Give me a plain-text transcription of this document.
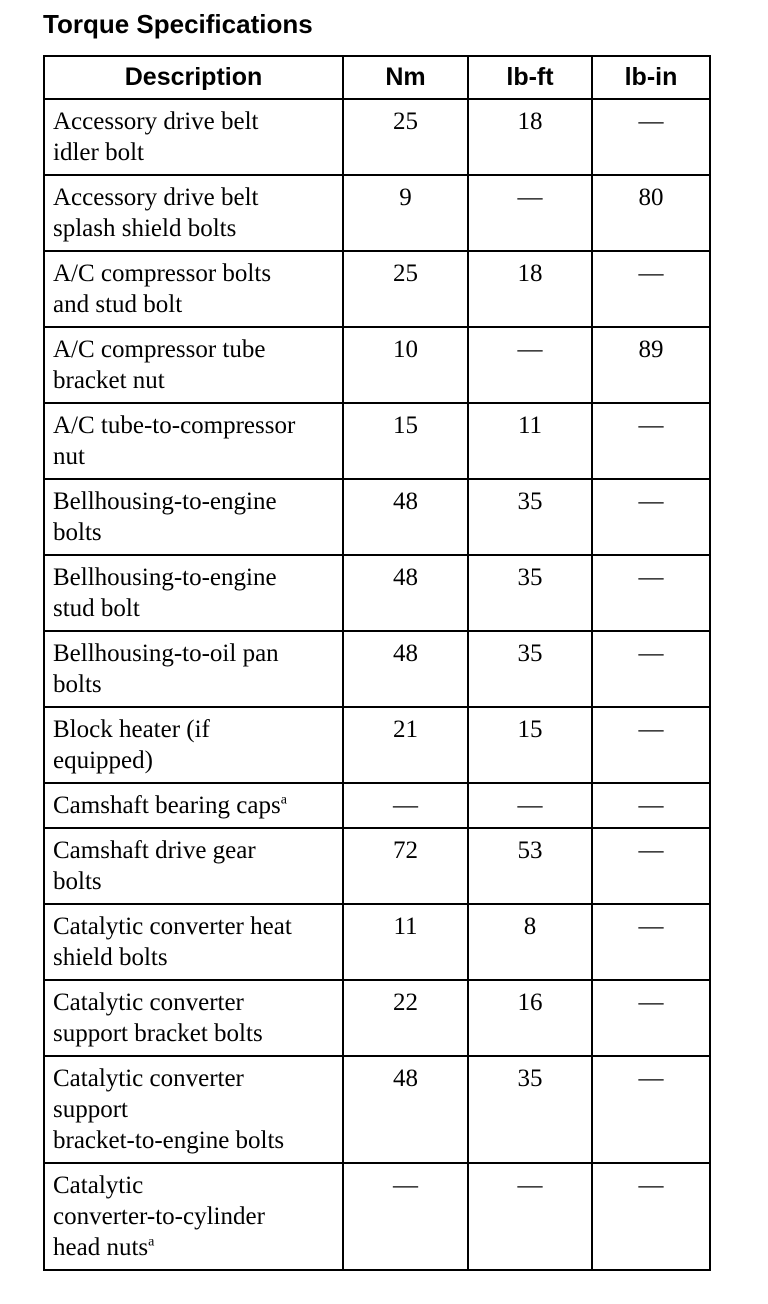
Torque Specifications
Description	Nm	lb-ft	lb-in
Accessory drive belt
idler bolt	25	18	—
Accessory drive belt
splash shield bolts	9	—	80
A/C compressor bolts
and stud bolt	25	18	—
A/C compressor tube
bracket nut	10	—	89
A/C tube-to-compressor
nut	15	11	—
Bellhousing-to-engine
bolts	48	35	—
Bellhousing-to-engine
stud bolt	48	35	—
Bellhousing-to-oil pan
bolts	48	35	—
Block heater (if
equipped)	21	15	—
Camshaft bearing caps$^a$	—	—	—
Camshaft drive gear
bolts	72	53	—
Catalytic converter heat
shield bolts	11	8	—
Catalytic converter
support bracket bolts	22	16	—
Catalytic converter
support
bracket-to-engine bolts	48	35	—
Catalytic
converter-to-cylinder
head nuts$^a$	—	—	—
